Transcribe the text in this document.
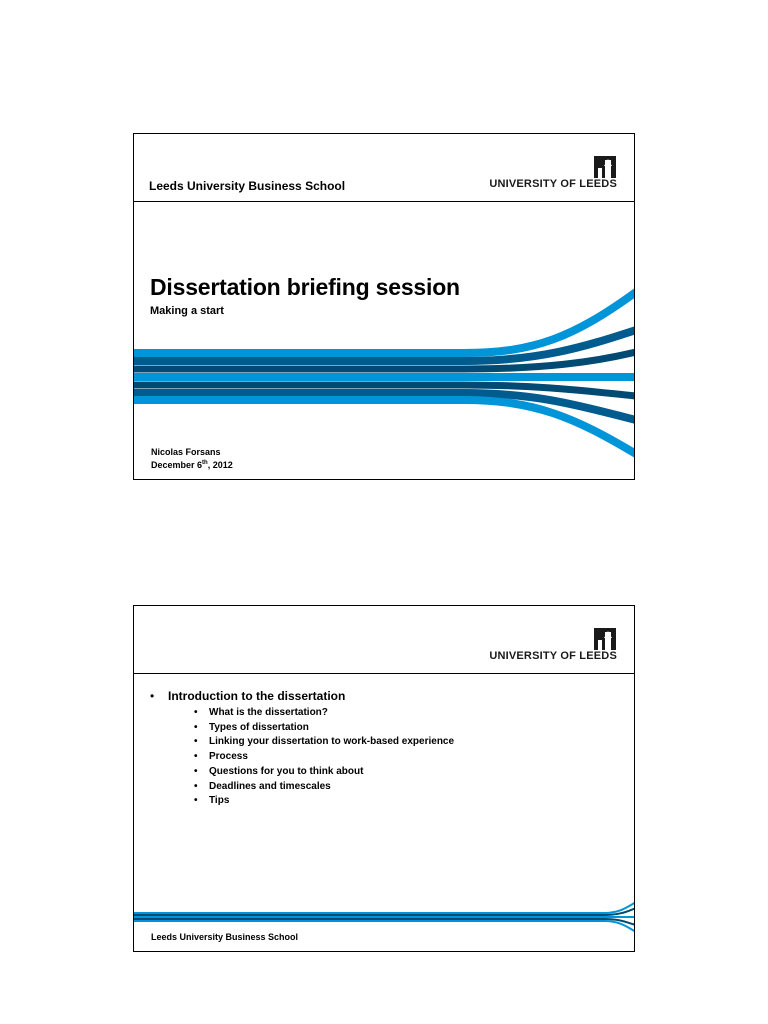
Leeds University Business School	UNIVERSITY OF LEEDS
Dissertation briefing session
Making a start
Nicolas Forsans
December 6th, 2012
UNIVERSITY OF LEEDS
• Introduction to the dissertation
• What is the dissertation?
• Types of dissertation
• Linking your dissertation to work-based experience
• Process
• Questions for you to think about
• Deadlines and timescales
• Tips
Leeds University Business School
